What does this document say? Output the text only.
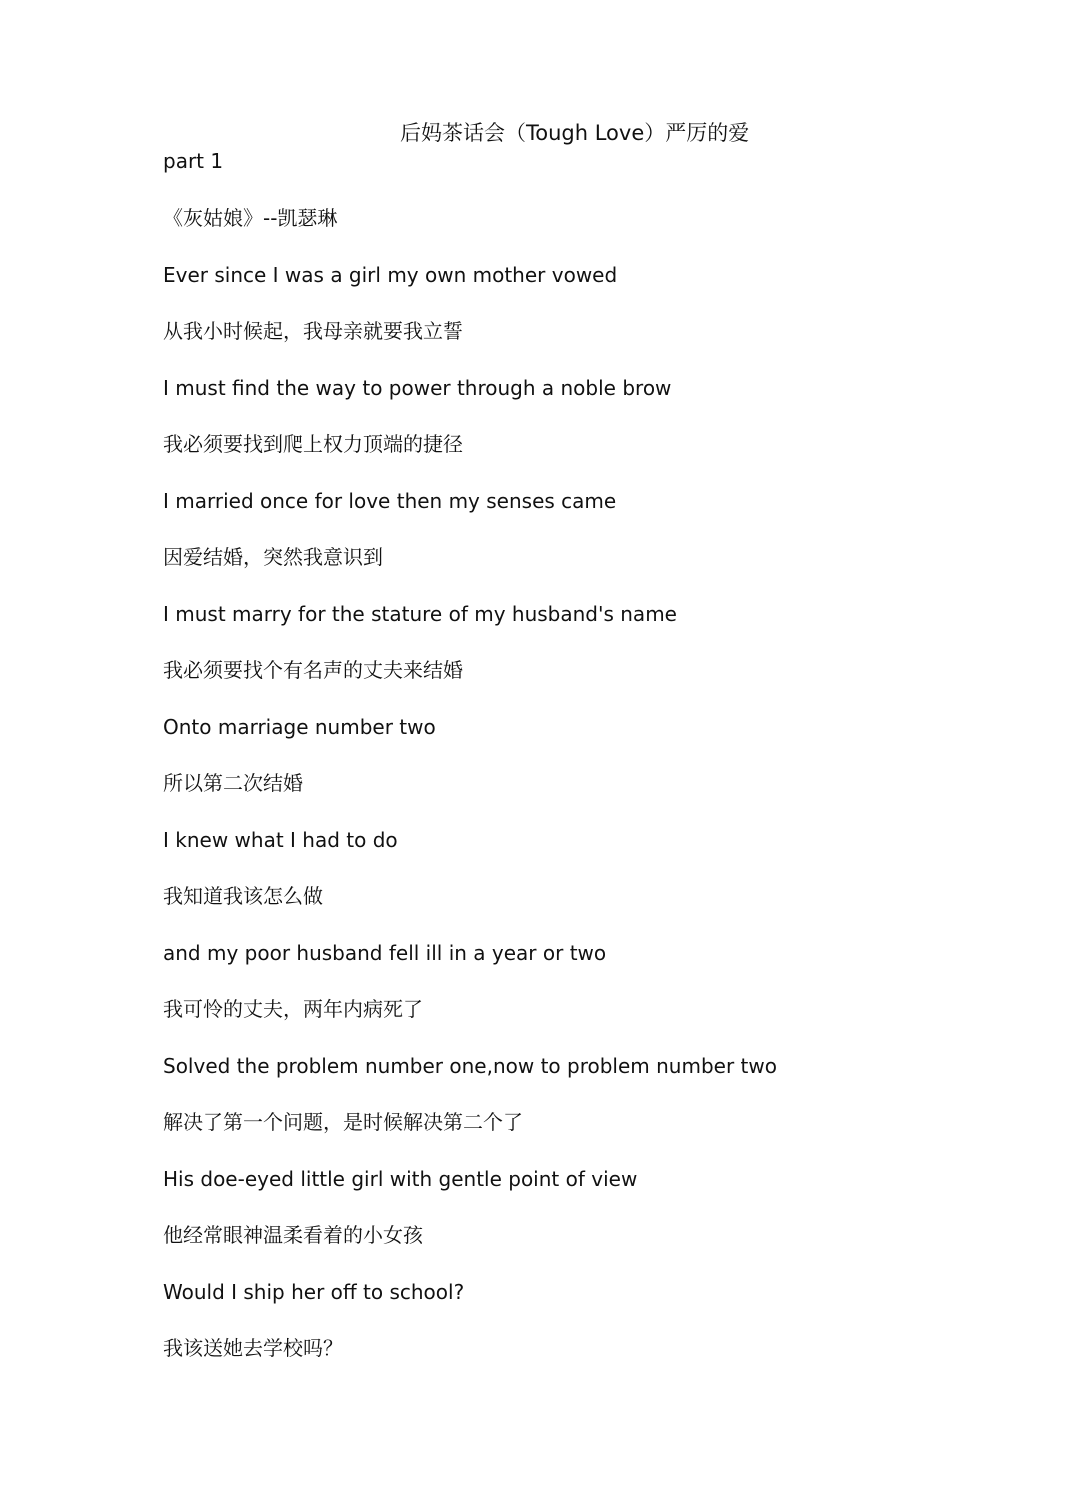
后妈茶话会（Tough Love）严厉的爱
part 1
《灰姑娘》--凯瑟琳
Ever since I was a girl my own mother vowed
从我小时候起，我母亲就要我立誓
I must find the way to power through a noble brow
我必须要找到爬上权力顶端的捷径
I married once for love then my senses came
因爱结婚，突然我意识到
I must marry for the stature of my husband's name
我必须要找个有名声的丈夫来结婚
Onto marriage number two
所以第二次结婚
I knew what I had to do
我知道我该怎么做
and my poor husband fell ill in a year or two
我可怜的丈夫，两年内病死了
Solved the problem number one,now to problem number two
解决了第一个问题，是时候解决第二个了
His doe-eyed little girl with gentle point of view
他经常眼神温柔看着的小女孩
Would I ship her off to school?
我该送她去学校吗？
